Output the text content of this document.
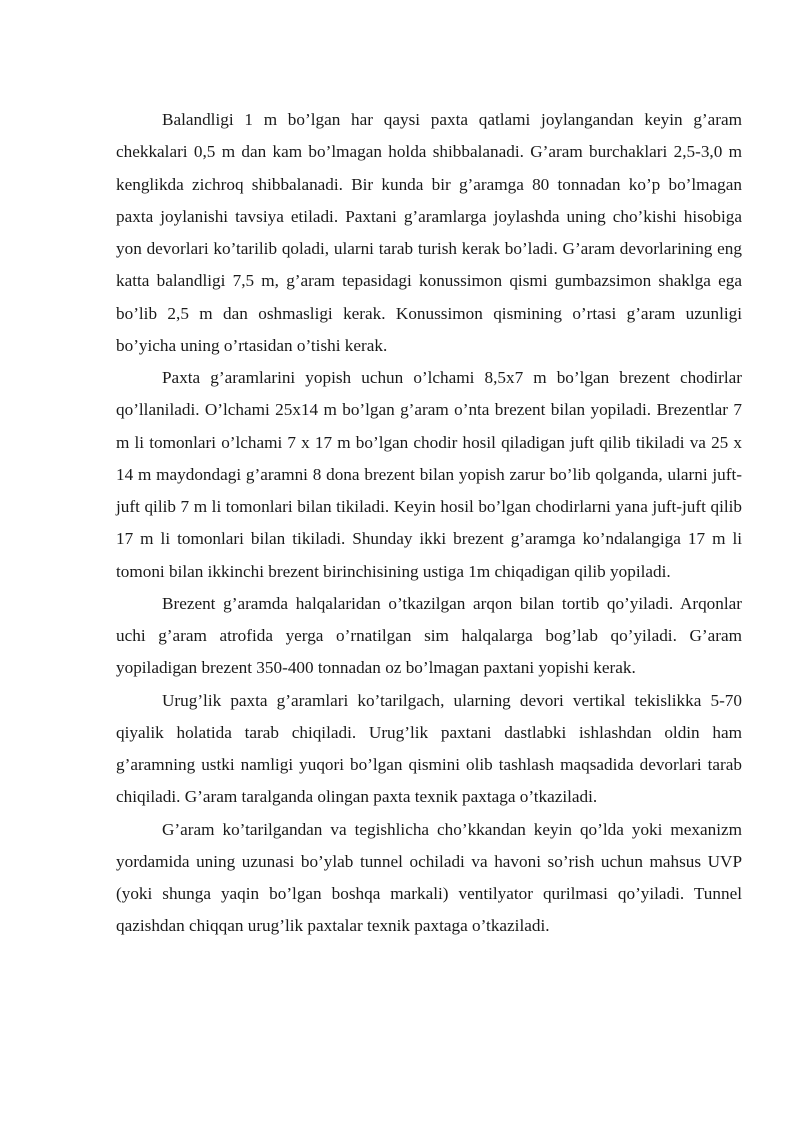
Balandligi 1 m bo’lgan har qaysi paxta qatlami joylangandan keyin g’aram chekkalari 0,5 m dan kam bo’lmagan holda shibbalanadi. G’aram burchaklari 2,5-3,0 m kenglikda zichroq shibbalanadi. Bir kunda bir g’aramga 80 tonnadan ko’p bo’lmagan paxta joylanishi tavsiya etiladi. Paxtani g’aramlarga joylashda uning cho’kishi hisobiga yon devorlari ko’tarilib qoladi, ularni tarab turish kerak bo’ladi. G’aram devorlarining eng katta balandligi 7,5 m, g’aram tepasidagi konussimon qismi gumbazsimon shaklga ega bo’lib 2,5 m dan oshmasligi kerak. Konussimon qismining o’rtasi g’aram uzunligi bo’yicha uning o’rtasidan o’tishi kerak.

Paxta g’aramlarini yopish uchun o’lchami 8,5x7 m bo’lgan brezent chodirlar qo’llaniladi. O’lchami 25x14 m bo’lgan g’aram o’nta brezent bilan yopiladi. Brezentlar 7 m li tomonlari o’lchami 7 x 17 m bo’lgan chodir hosil qiladigan juft qilib tikiladi va 25 x 14 m maydondagi g’aramni 8 dona brezent bilan yopish zarur bo’lib qolganda, ularni juft-juft qilib 7 m li tomonlari bilan tikiladi. Keyin hosil bo’lgan chodirlarni yana juft-juft qilib 17 m li tomonlari bilan tikiladi. Shunday ikki brezent g’aramga ko’ndalangiga 17 m li tomoni bilan ikkinchi brezent birinchisining ustiga 1m chiqadigan qilib yopiladi.

Brezent g’aramda halqalaridan o’tkazilgan arqon bilan tortib qo’yiladi. Arqonlar uchi g’aram atrofida yerga o’rnatilgan sim halqalarga bog’lab qo’yiladi. G’aram yopiladigan brezent 350-400 tonnadan oz bo’lmagan paxtani yopishi kerak.

Urug’lik paxta g’aramlari ko’tarilgach, ularning devori vertikal tekislikka 5-70 qiyalik holatida tarab chiqiladi. Urug’lik paxtani dastlabki ishlashdan oldin ham g’aramning ustki namligi yuqori bo’lgan qismini olib tashlash maqsadida devorlari tarab chiqiladi. G’aram taralganda olingan paxta texnik paxtaga o’tkaziladi.

G’aram ko’tarilgandan va tegishlicha cho’kkandan keyin qo’lda yoki mexanizm yordamida uning uzunasi bo’ylab tunnel ochiladi va havoni so’rish uchun mahsus UVP (yoki shunga yaqin bo’lgan boshqa markali) ventilyator qurilmasi qo’yiladi. Tunnel qazishdan chiqqan urug’lik paxtalar texnik paxtaga o’tkaziladi.
